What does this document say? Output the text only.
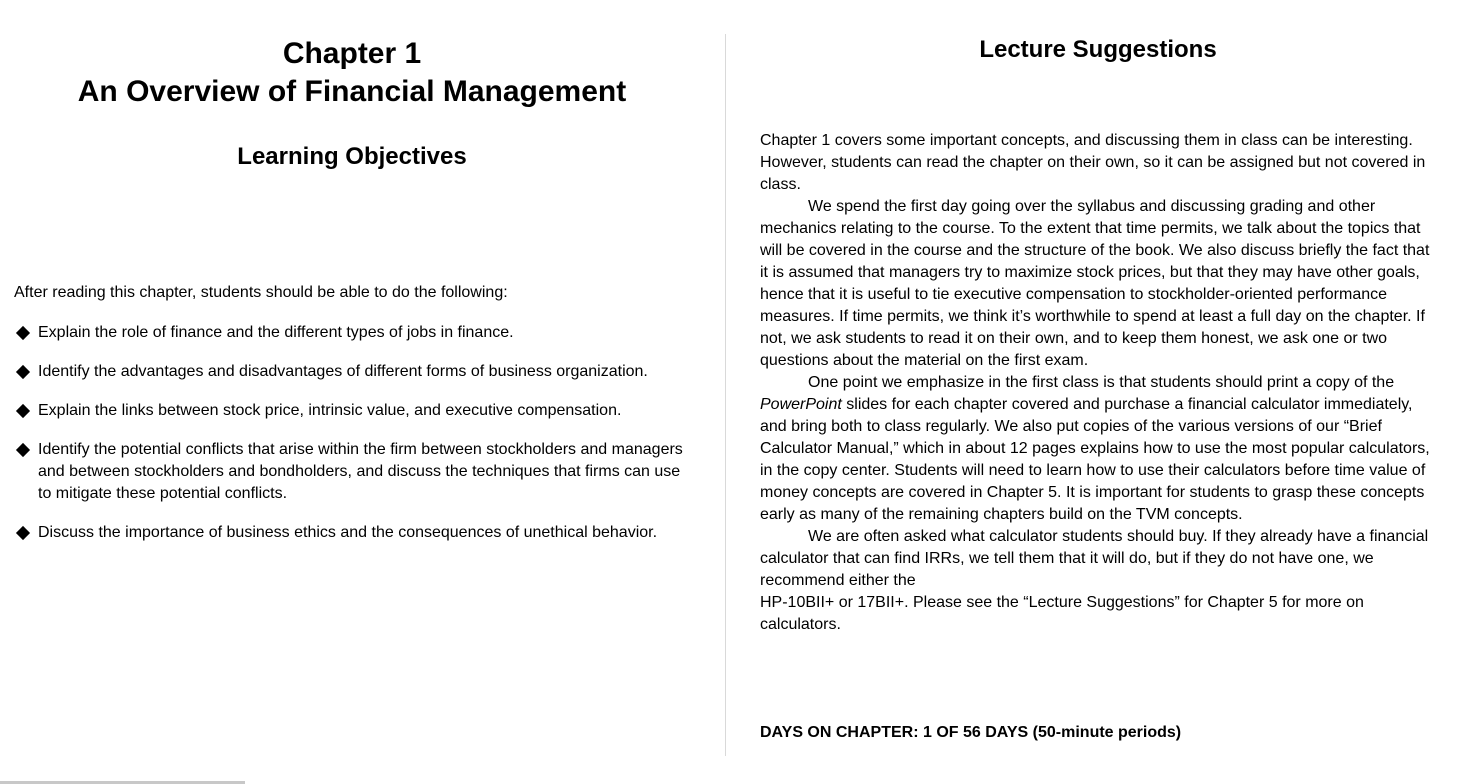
Chapter 1
An Overview of Financial Management
Learning Objectives
After reading this chapter, students should be able to do the following:
Explain the role of finance and the different types of jobs in finance.
Identify the advantages and disadvantages of different forms of business organization.
Explain the links between stock price, intrinsic value, and executive compensation.
Identify the potential conflicts that arise within the firm between stockholders and managers and between stockholders and bondholders, and discuss the techniques that firms can use to mitigate these potential conflicts.
Discuss the importance of business ethics and the consequences of unethical behavior.
Lecture Suggestions

Chapter 1 covers some important concepts, and discussing them in class can be interesting. However, students can read the chapter on their own, so it can be assigned but not covered in class.

We spend the first day going over the syllabus and discussing grading and other mechanics relating to the course. To the extent that time permits, we talk about the topics that will be covered in the course and the structure of the book. We also discuss briefly the fact that it is assumed that managers try to maximize stock prices, but that they may have other goals, hence that it is useful to tie executive compensation to stockholder-oriented performance measures. If time permits, we think it’s worthwhile to spend at least a full day on the chapter. If not, we ask students to read it on their own, and to keep them honest, we ask one or two questions about the material on the first exam.

One point we emphasize in the first class is that students should print a copy of the PowerPoint slides for each chapter covered and purchase a financial calculator immediately, and bring both to class regularly. We also put copies of the various versions of our “Brief Calculator Manual,” which in about 12 pages explains how to use the most popular calculators, in the copy center. Students will need to learn how to use their calculators before time value of money concepts are covered in Chapter 5. It is important for students to grasp these concepts early as many of the remaining chapters build on the TVM concepts.

We are often asked what calculator students should buy. If they already have a financial calculator that can find IRRs, we tell them that it will do, but if they do not have one, we recommend either the

HP-10BII+ or 17BII+. Please see the “Lecture Suggestions” for Chapter 5 for more on calculators.

DAYS ON CHAPTER: 1 OF 56 DAYS (50-minute periods)
